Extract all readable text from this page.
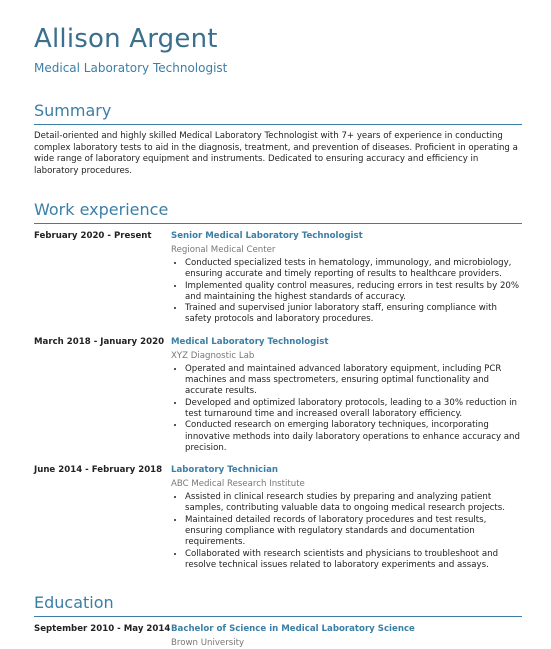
Allison Argent
Medical Laboratory Technologist
Summary
Detail-oriented and highly skilled Medical Laboratory Technologist with 7+ years of experience in conducting complex laboratory tests to aid in the diagnosis, treatment, and prevention of diseases. Proficient in operating a wide range of laboratory equipment and instruments. Dedicated to ensuring accuracy and efficiency in laboratory procedures.
Work experience
February 2020 - Present	Senior Medical Laboratory Technologist
Regional Medical Center
• Conducted specialized tests in hematology, immunology, and microbiology, ensuring accurate and timely reporting of results to healthcare providers.
• Implemented quality control measures, reducing errors in test results by 20% and maintaining the highest standards of accuracy.
• Trained and supervised junior laboratory staff, ensuring compliance with safety protocols and laboratory procedures.
March 2018 - January 2020 Medical Laboratory Technologist
XYZ Diagnostic Lab
• Operated and maintained advanced laboratory equipment, including PCR machines and mass spectrometers, ensuring optimal functionality and accurate results.
• Developed and optimized laboratory protocols, leading to a 30% reduction in test turnaround time and increased overall laboratory efficiency.
• Conducted research on emerging laboratory techniques, incorporating innovative methods into daily laboratory operations to enhance accuracy and precision.
June 2014 - February 2018	Laboratory Technician
ABC Medical Research Institute
• Assisted in clinical research studies by preparing and analyzing patient samples, contributing valuable data to ongoing medical research projects.
• Maintained detailed records of laboratory procedures and test results, ensuring compliance with regulatory standards and documentation requirements.
• Collaborated with research scientists and physicians to troubleshoot and resolve technical issues related to laboratory experiments and assays.
Education
September 2010 - May 2014 Bachelor of Science in Medical Laboratory Science
Brown University
